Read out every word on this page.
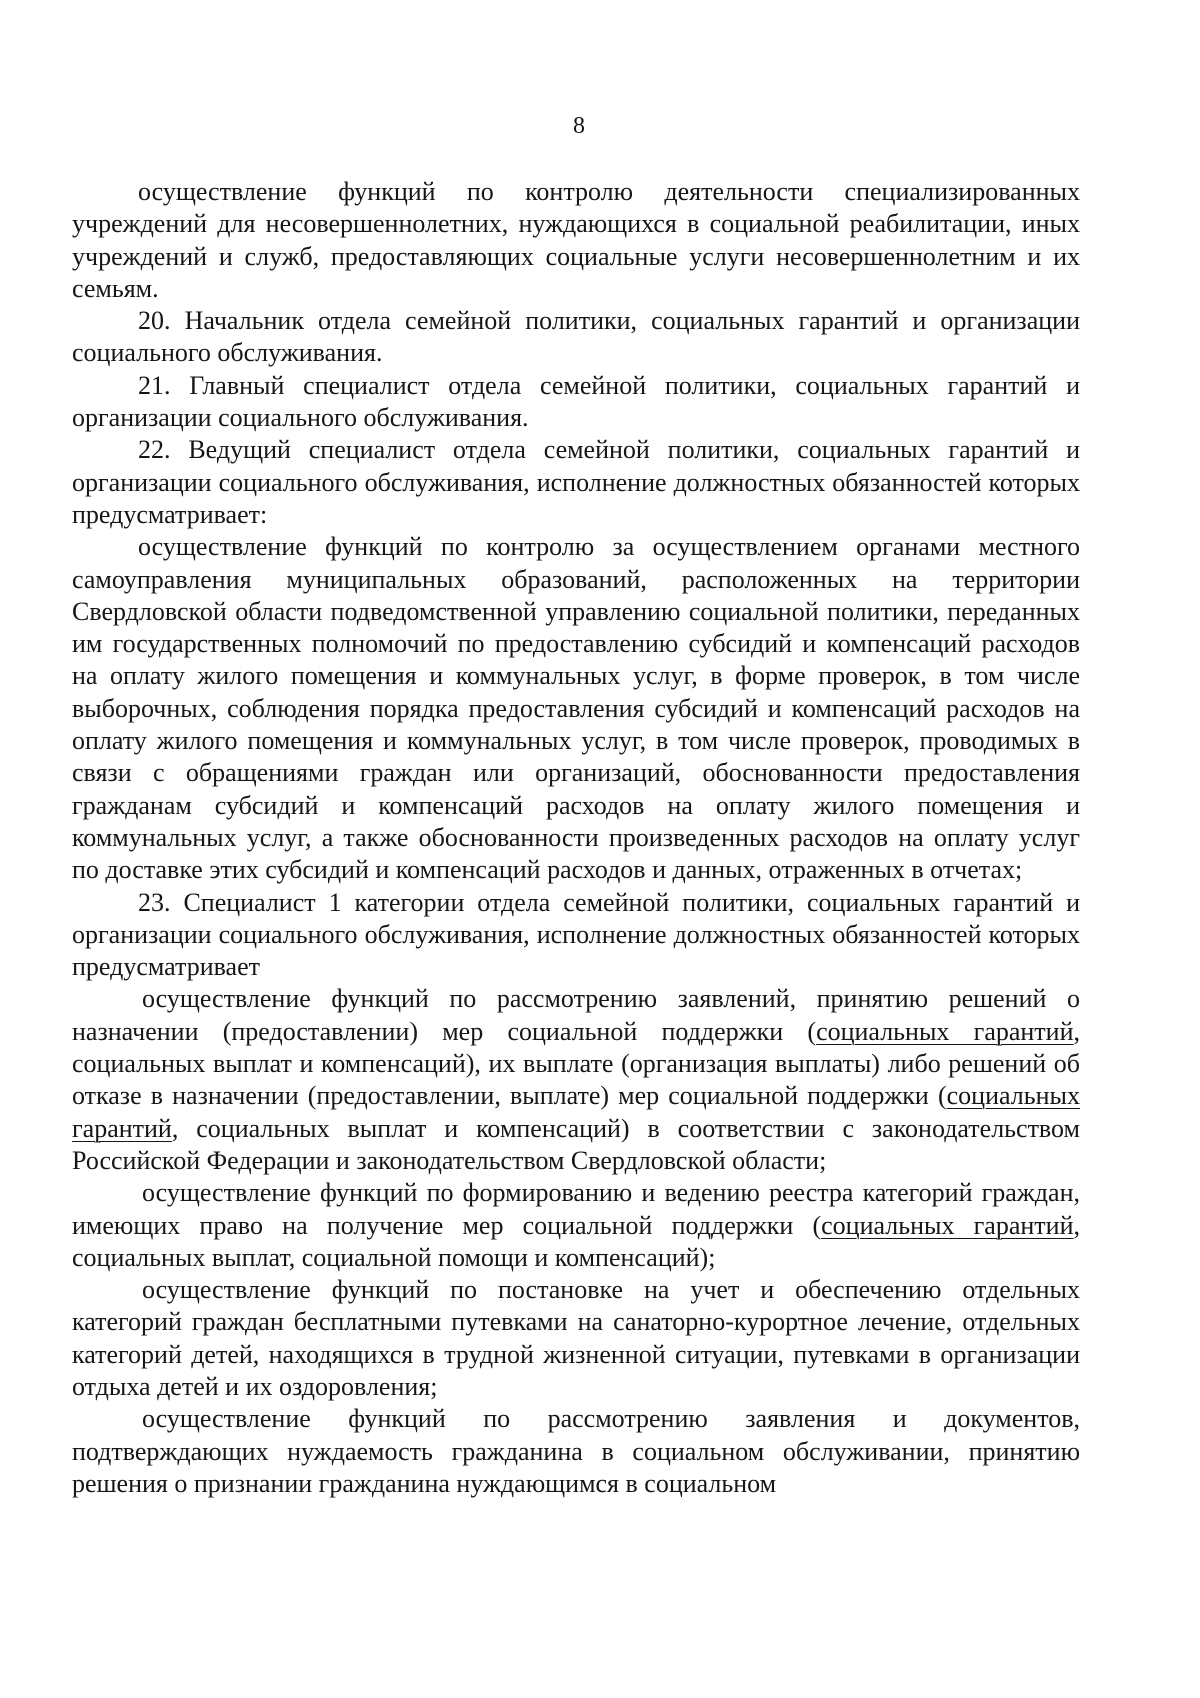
8

осуществление функций по контролю деятельности специализированных учреждений для несовершеннолетних, нуждающихся в социальной реабилитации, иных учреждений и служб, предоставляющих социальные услуги несовершеннолетним и их семьям.

20. Начальник отдела семейной политики, социальных гарантий и организации социального обслуживания.

21. Главный специалист отдела семейной политики, социальных гарантий и организации социального обслуживания.

22. Ведущий специалист отдела семейной политики, социальных гарантий и организации социального обслуживания, исполнение должностных обязанностей которых предусматривает:

осуществление функций по контролю за осуществлением органами местного самоуправления муниципальных образований, расположенных на территории Свердловской области подведомственной управлению социальной политики, переданных им государственных полномочий по предоставлению субсидий и компенсаций расходов на оплату жилого помещения и коммунальных услуг, в форме проверок, в том числе выборочных, соблюдения порядка предоставления субсидий и компенсаций расходов на оплату жилого помещения и коммунальных услуг, в том числе проверок, проводимых в связи с обращениями граждан или организаций, обоснованности предоставления гражданам субсидий и компенсаций расходов на оплату жилого помещения и коммунальных услуг, а также обоснованности произведенных расходов на оплату услуг по доставке этих субсидий и компенсаций расходов и данных, отраженных в отчетах;

23. Специалист 1 категории отдела семейной политики, социальных гарантий и организации социального обслуживания, исполнение должностных обязанностей которых предусматривает

осуществление функций по рассмотрению заявлений, принятию решений о назначении (предоставлении) мер социальной поддержки (социальных гарантий, социальных выплат и компенсаций), их выплате (организация выплаты) либо решений об отказе в назначении (предоставлении, выплате) мер социальной поддержки (социальных гарантий, социальных выплат и компенсаций) в соответствии с законодательством Российской Федерации и законодательством Свердловской области;

осуществление функций по формированию и ведению реестра категорий граждан, имеющих право на получение мер социальной поддержки (социальных гарантий, социальных выплат, социальной помощи и компенсаций);

осуществление функций по постановке на учет и обеспечению отдельных категорий граждан бесплатными путевками на санаторно-курортное лечение, отдельных категорий детей, находящихся в трудной жизненной ситуации, путевками в организации отдыха детей и их оздоровления;

осуществление функций по рассмотрению заявления и документов, подтверждающих нуждаемость гражданина в социальном обслуживании, принятию решения о признании гражданина нуждающимся в социальном
